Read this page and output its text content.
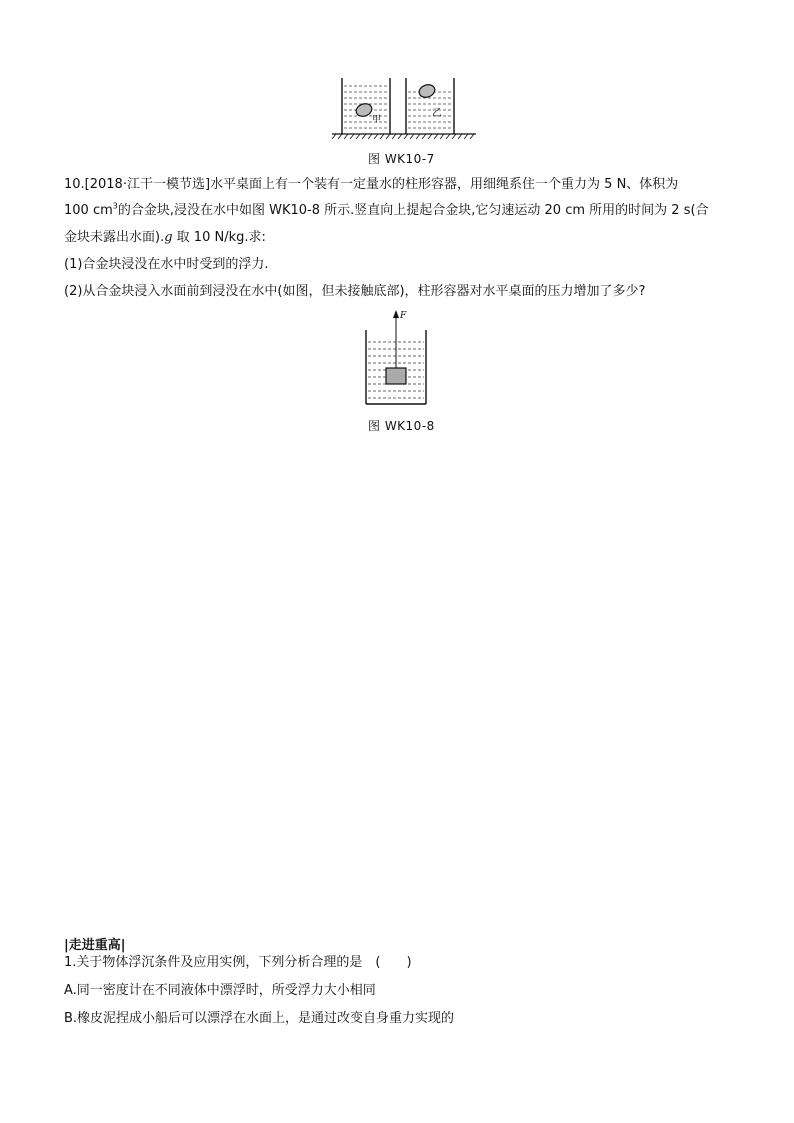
甲
乙
图 WK10-7
10.[2018·江干一模节选]水平桌面上有一个装有一定量水的柱形容器，用细绳系住一个重力为 5 N、体积为
100 $cm^3$的合金块,浸没在水中如图 WK10-8 所示.竖直向上提起合金块,它匀速运动 20 cm 所用的时间为 2 s(合
金块未露出水面).g 取 10 N/kg.求:
(1)合金块浸没在水中时受到的浮力.
(2)从合金块浸入水面前到浸没在水中(如图，但未接触底部)，柱形容器对水平桌面的压力增加了多少?
F
图 WK10-8
|走进重高|
1.关于物体浮沉条件及应用实例，下列分析合理的是　(　　)
A.同一密度计在不同液体中漂浮时，所受浮力大小相同
B.橡皮泥捏成小船后可以漂浮在水面上，是通过改变自身重力实现的
